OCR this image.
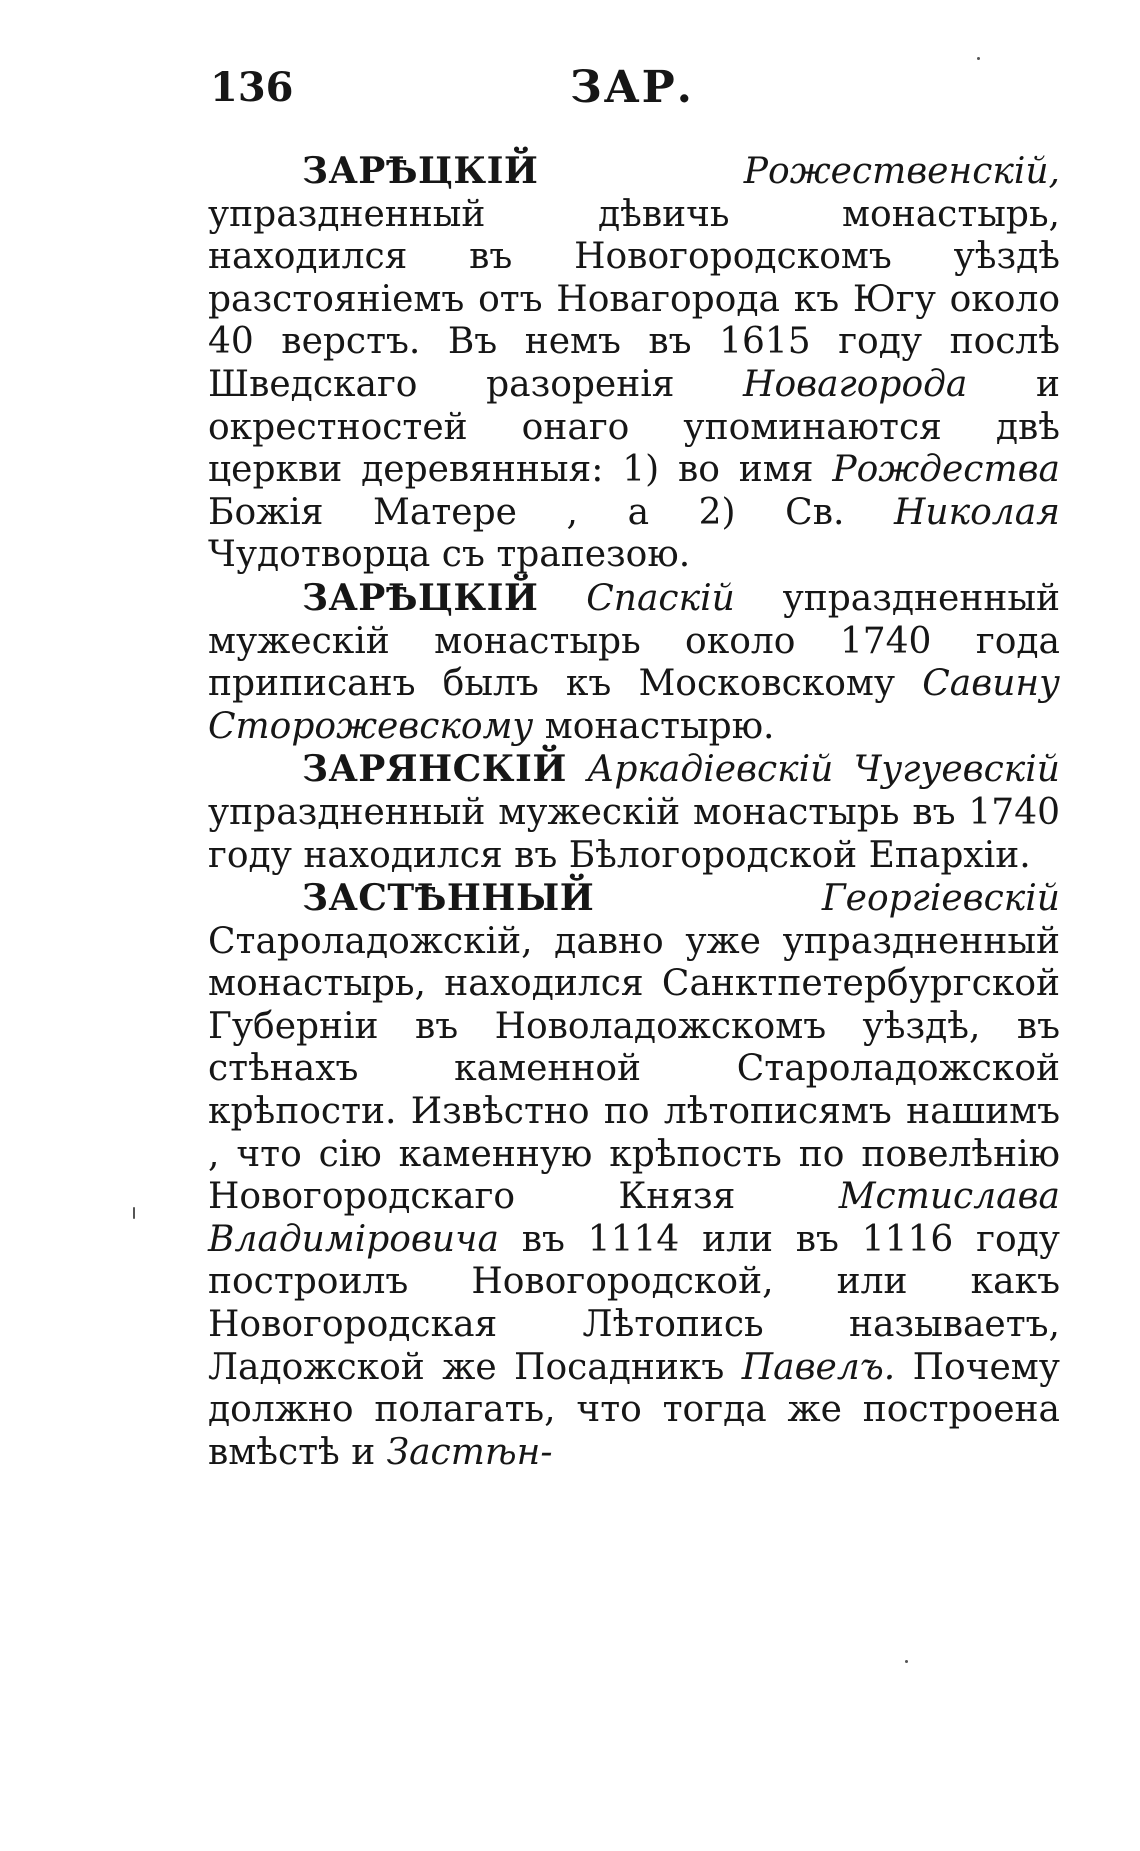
136	ЗАР.

ЗАРѢЦКІЙ	Рожественскій, упраздненный дѣвичь монастырь, находился въ Новогородскомъ уѣздѣ разстояніемъ отъ Новагорода къ Югу около 40 верстъ. Въ немъ въ 1615 году послѣ Шведскаго разоренія Новагорода и окрестностей онаго упоминаются двѣ церкви деревянныя: 1) во имя Рождества Божія Матере , а 2) Св. Николая Чудотворца съ трапезою.

ЗАРѢЦКІЙ Спаскій упраздненный мужескій монастырь около 1740 года приписанъ былъ къ Московскому Савину Сторожевскому монастырю.

ЗАРЯНСКІЙ Аркадіевскій Чугуевскій упраздненный мужескій монастырь въ 1740 году находился въ Бѣлогородской Епархіи.

ЗАСТѢННЫЙ	Георгіевскій Староладожскій, давно уже упраздненный монастырь, находился Санктпетербургской Губерніи въ Новоладожскомъ уѣздѣ, въ стѣнахъ каменной Староладожской крѣпости. Извѣстно по лѣтописямъ нашимъ , что сію каменную крѣпость по повелѣнію Новогородскаго Князя	Мстислава Владиміровича въ 1114 или въ 1116 году построилъ Новогородской, или какъ Новогородская Лѣтопись называетъ, Ладожской же Посадникъ Павелъ. Почему должно полагать, что тогда же построена вмѣстѣ и Застѣн-
